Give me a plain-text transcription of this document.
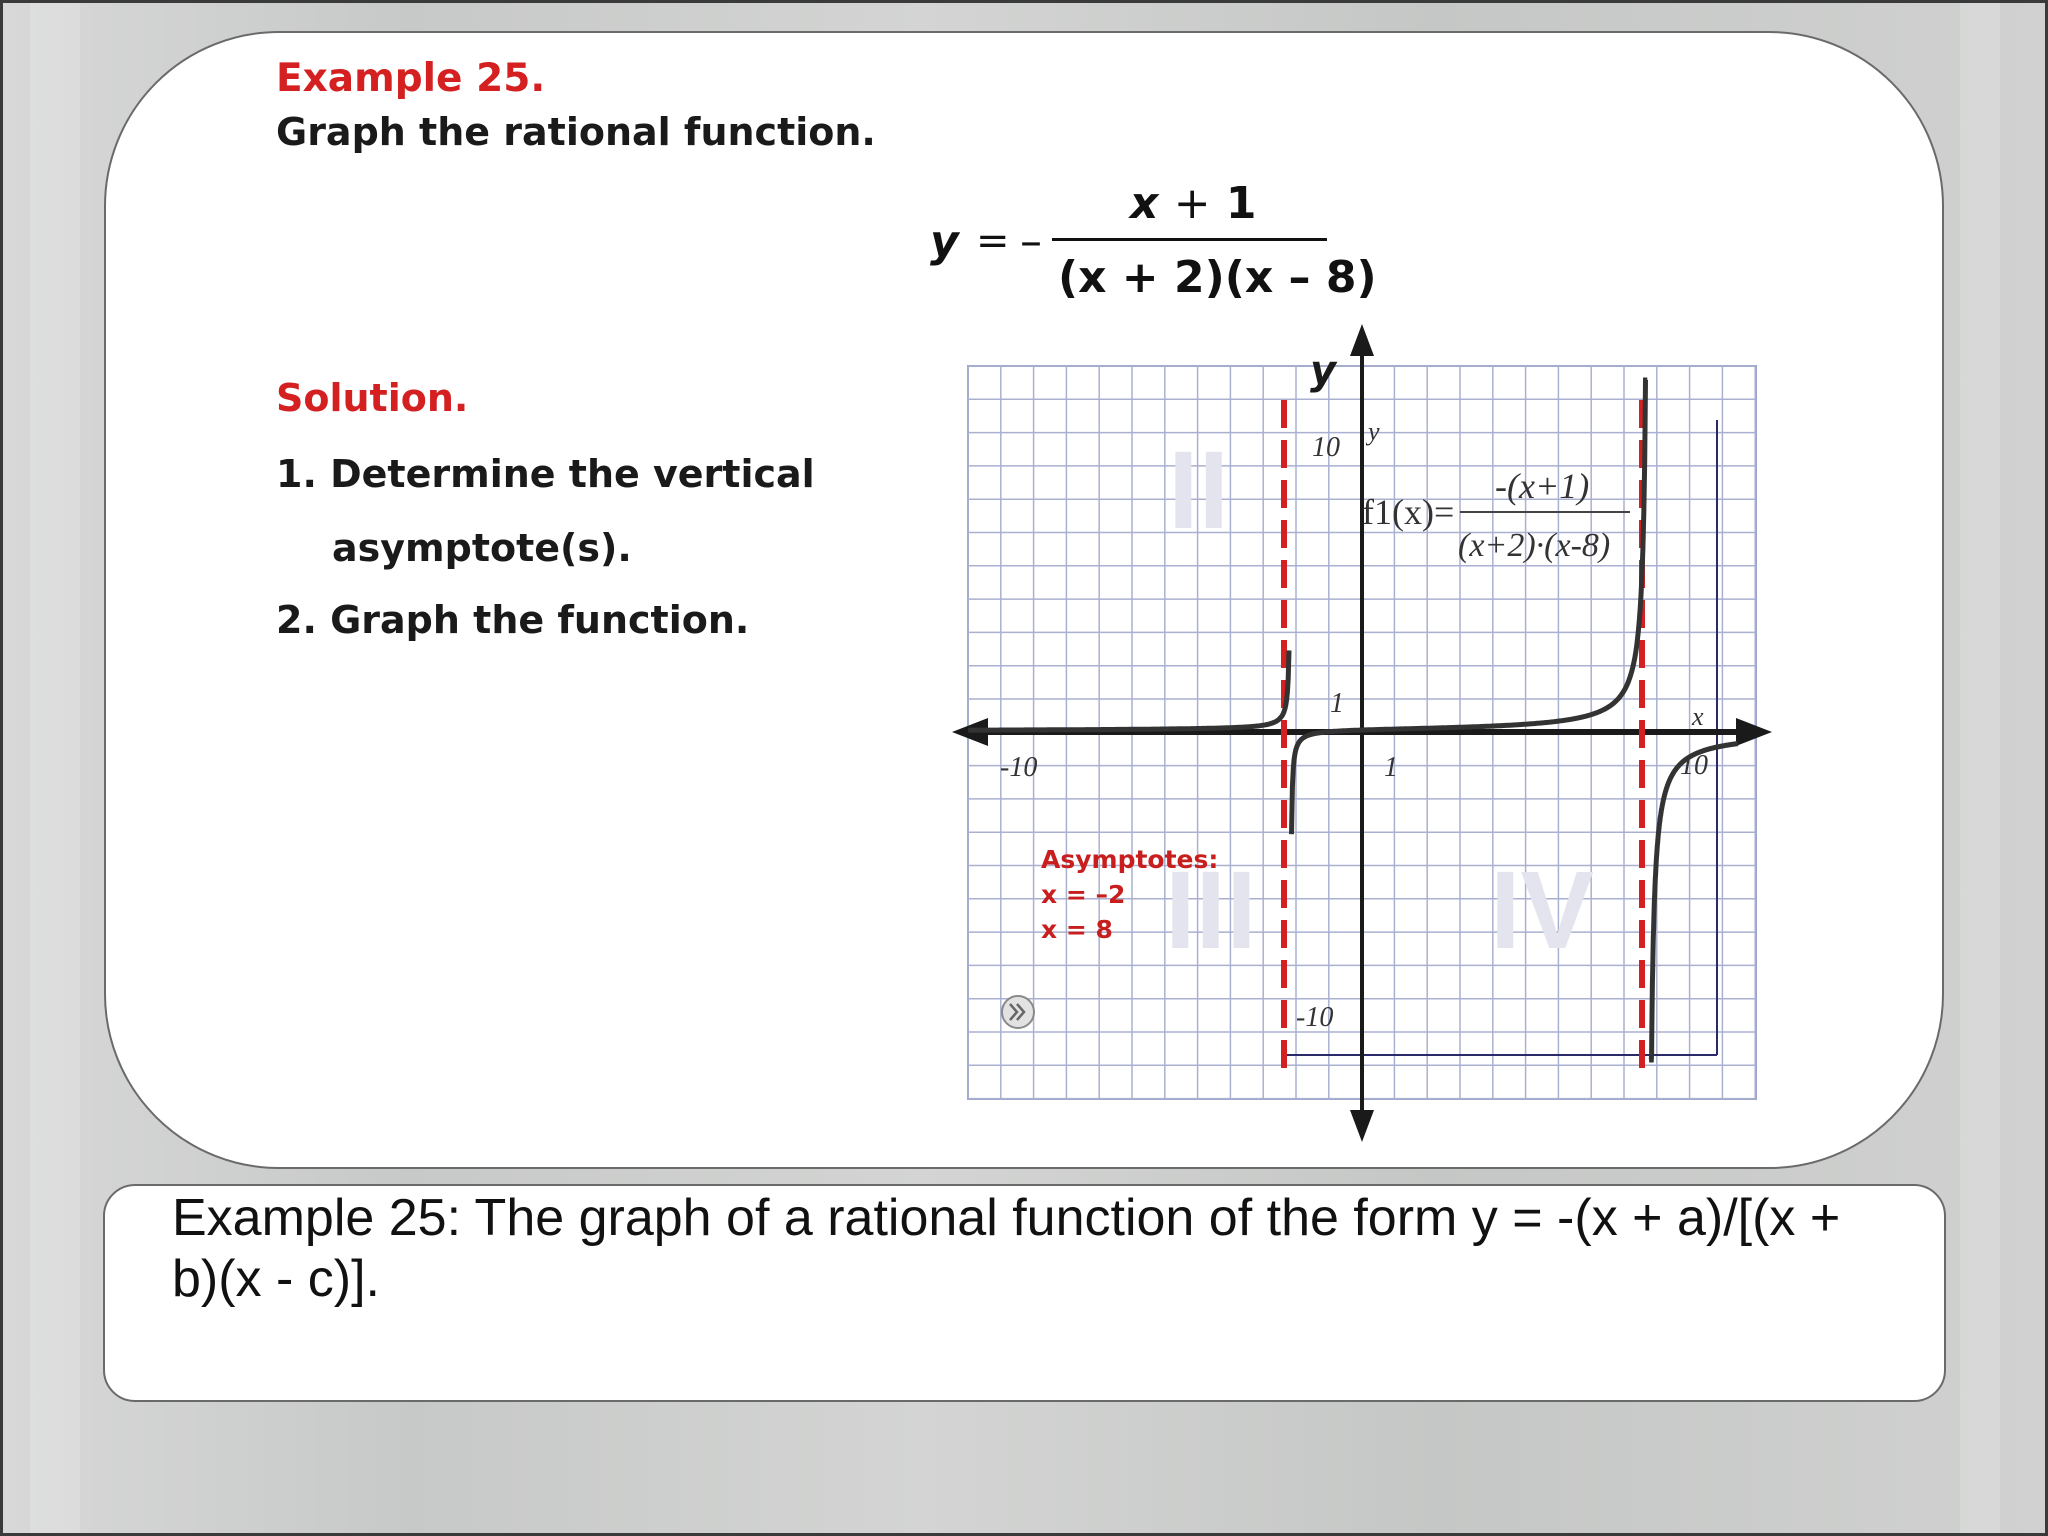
Example 25.
Graph the rational function.
y = –
x + 1
(x + 2)(x – 8)
Solution.
1. Determine the vertical
asymptote(s).
2. Graph the function.
II
III IV
y
y
x
10
-10
-10
1
1	10
f1(x)=
-(x+1)
(x+2)·(x-8)
Asymptotes:
x = –2
x = 8
Example 25: The graph of a rational function of the form y = -(x + a)/[(x + b)(x - c)].
